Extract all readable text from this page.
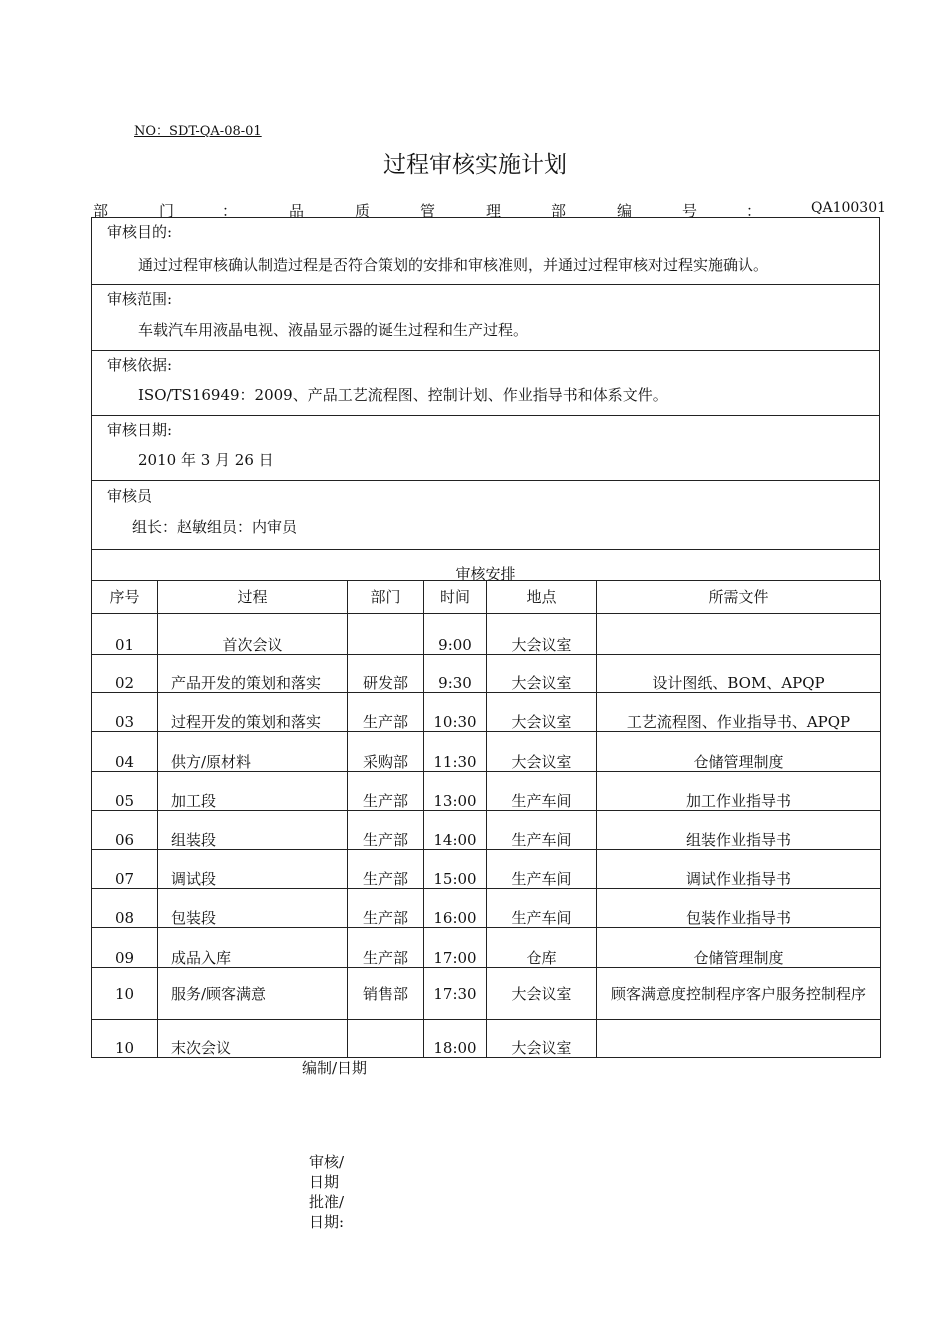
NO：SDT-QA-08-01
过程审核实施计划
部	门	：	品	质	管	理	部	编	号	：	QA100301
审核目的:
通过过程审核确认制造过程是否符合策划的安排和审核准则，并通过过程审核对过程实施确认。
审核范围:
车载汽车用液晶电视、液晶显示器的诞生过程和生产过程。
审核依据:
ISO/TS16949：2009、产品工艺流程图、控制计划、作业指导书和体系文件。
审核日期:
2010 年 3 月 26 日
审核员
组长：赵敏组员：内审员
审核安排
序号	过程	部门	时间	地点	所需文件
01	首次会议		9:00	大会议室	
02	产品开发的策划和落实	研发部	9:30	大会议室	设计图纸、BOM、APQP
03	过程开发的策划和落实	生产部	10:30	大会议室	工艺流程图、作业指导书、APQP
04	供方/原材料	采购部	11:30	大会议室	仓储管理制度
05	加工段	生产部	13:00	生产车间	加工作业指导书
06	组装段	生产部	14:00	生产车间	组装作业指导书
07	调试段	生产部	15:00	生产车间	调试作业指导书
08	包装段	生产部	16:00	生产车间	包装作业指导书
09	成品入库	生产部	17:00	仓库	仓储管理制度
10	服务/顾客满意	销售部	17:30	大会议室	顾客满意度控制程序客户服务控制程序
10	末次会议		18:00	大会议室	
编制/日期
审核/
日期
批准/
日期:
